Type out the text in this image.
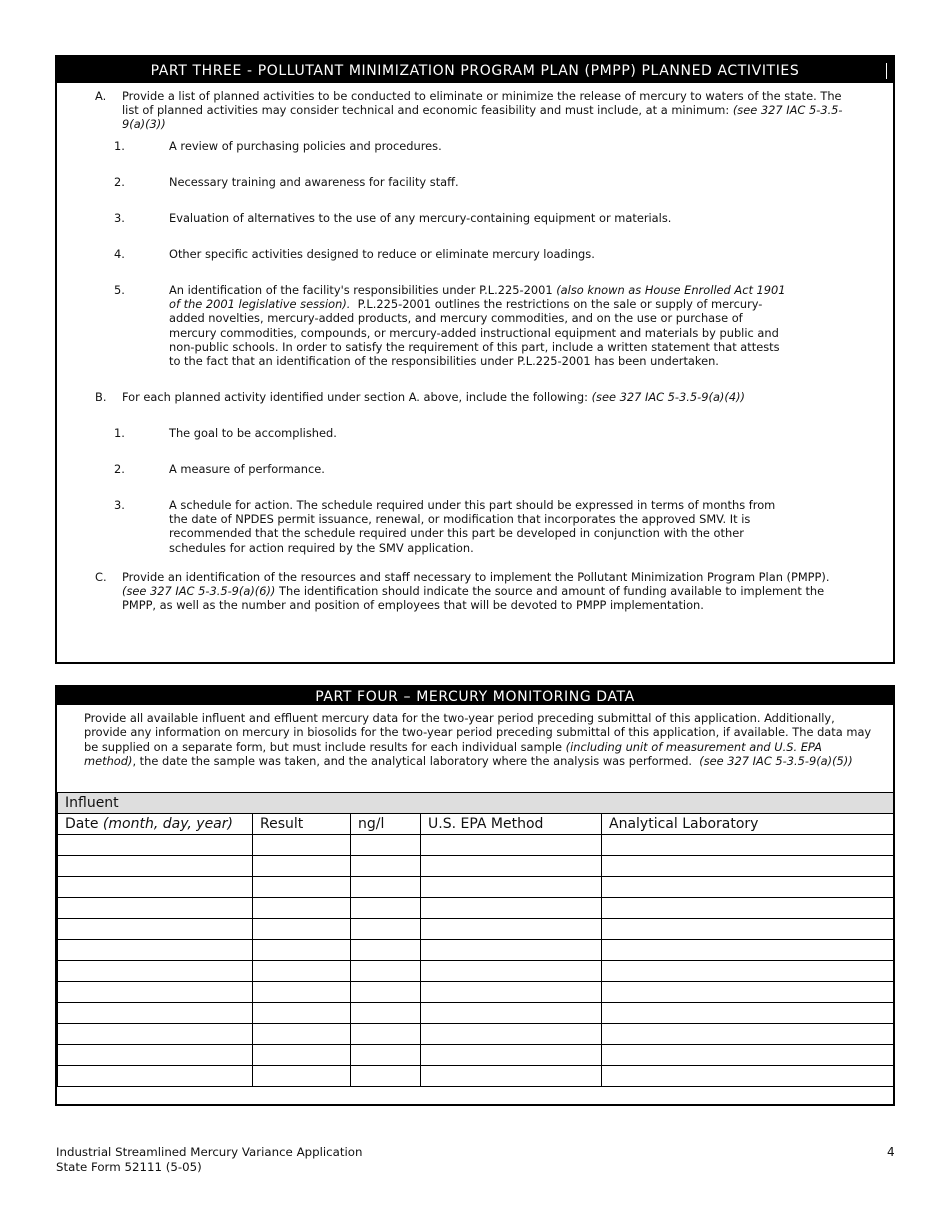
PART THREE - POLLUTANT MINIMIZATION PROGRAM PLAN (PMPP) PLANNED ACTIVITIES
A. Provide a list of planned activities to be conducted to eliminate or minimize the release of mercury to waters of the state. The list of planned activities may consider technical and economic feasibility and must include, at a minimum: (see 327 IAC 5-3.5-9(a)(3))
1.	A review of purchasing policies and procedures.
2.	Necessary training and awareness for facility staff.
3.	Evaluation of alternatives to the use of any mercury-containing equipment or materials.
4.	Other specific activities designed to reduce or eliminate mercury loadings.
5.	An identification of the facility's responsibilities under P.L.225-2001 (also known as House Enrolled Act 1901 of the 2001 legislative session). P.L.225-2001 outlines the restrictions on the sale or supply of mercury-added novelties, mercury-added products, and mercury commodities, and on the use or purchase of mercury commodities, compounds, or mercury-added instructional equipment and materials by public and non-public schools. In order to satisfy the requirement of this part, include a written statement that attests to the fact that an identification of the responsibilities under P.L.225-2001 has been undertaken.
B. For each planned activity identified under section A. above, include the following: (see 327 IAC 5-3.5-9(a)(4))
1.	The goal to be accomplished.
2.	A measure of performance.
3.	A schedule for action. The schedule required under this part should be expressed in terms of months from the date of NPDES permit issuance, renewal, or modification that incorporates the approved SMV. It is recommended that the schedule required under this part be developed in conjunction with the other schedules for action required by the SMV application.
C. Provide an identification of the resources and staff necessary to implement the Pollutant Minimization Program Plan (PMPP). (see 327 IAC 5-3.5-9(a)(6)) The identification should indicate the source and amount of funding available to implement the PMPP, as well as the number and position of employees that will be devoted to PMPP implementation.
PART FOUR – MERCURY MONITORING DATA
Provide all available influent and effluent mercury data for the two-year period preceding submittal of this application. Additionally, provide any information on mercury in biosolids for the two-year period preceding submittal of this application, if available. The data may be supplied on a separate form, but must include results for each individual sample (including unit of measurement and U.S. EPA method), the date the sample was taken, and the analytical laboratory where the analysis was performed. (see 327 IAC 5-3.5-9(a)(5))
Influent				
Date (month, day, year)	Result	ng/l	U.S. EPA Method	Analytical Laboratory

Industrial Streamlined Mercury Variance Application
State Form 52111 (5-05)
4
